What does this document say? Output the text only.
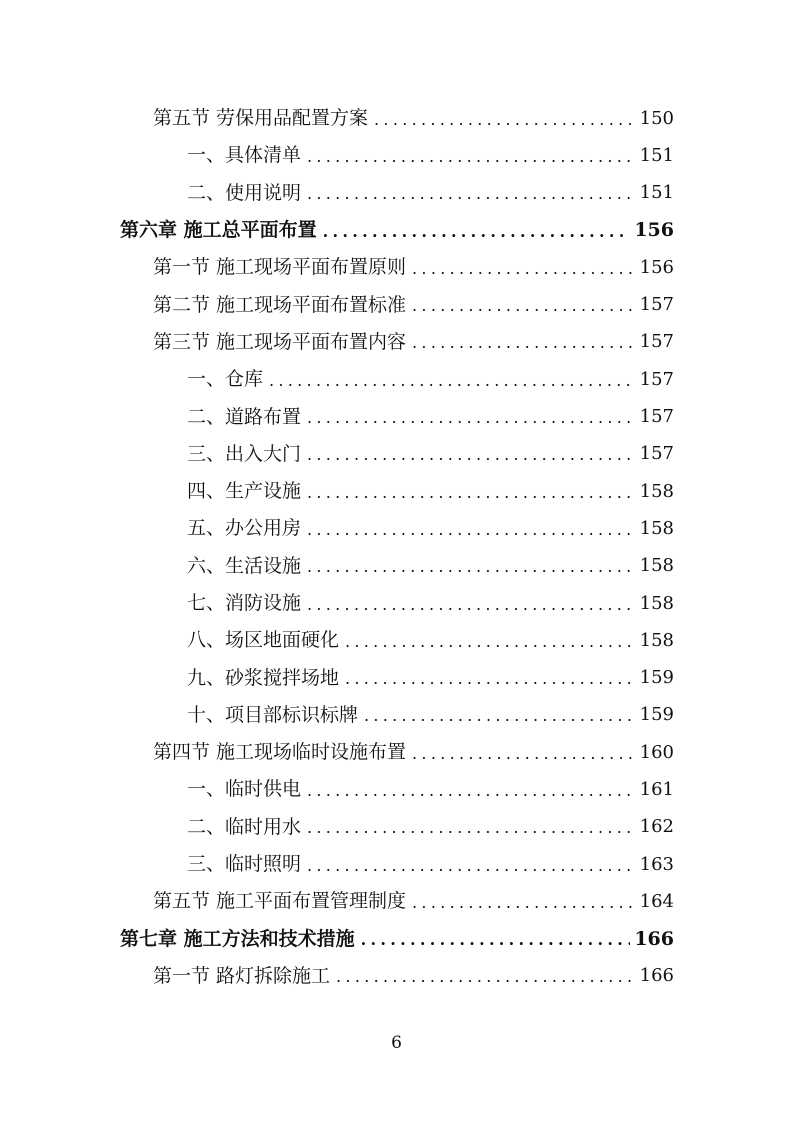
第五节 劳保用品配置方案 .....	150
一、具体清单 .....	151
二、使用说明 .....	151
第六章 施工总平面布置 .....	156
第一节 施工现场平面布置原则 .....	156
第二节 施工现场平面布置标准 .....	157
第三节 施工现场平面布置内容 .....	157
一、仓库 .....	157
二、道路布置 .....	157
三、出入大门 .....	157
四、生产设施 .....	158
五、办公用房 .....	158
六、生活设施 .....	158
七、消防设施 .....	158
八、场区地面硬化 .....	158
九、砂浆搅拌场地 .....	159
十、项目部标识标牌 .....	159
第四节 施工现场临时设施布置 .....	160
一、临时供电 .....	161
二、临时用水 .....	162
三、临时照明 .....	163
第五节 施工平面布置管理制度 .....	164
第七章 施工方法和技术措施 .....	166
第一节 路灯拆除施工 .....	166
6
